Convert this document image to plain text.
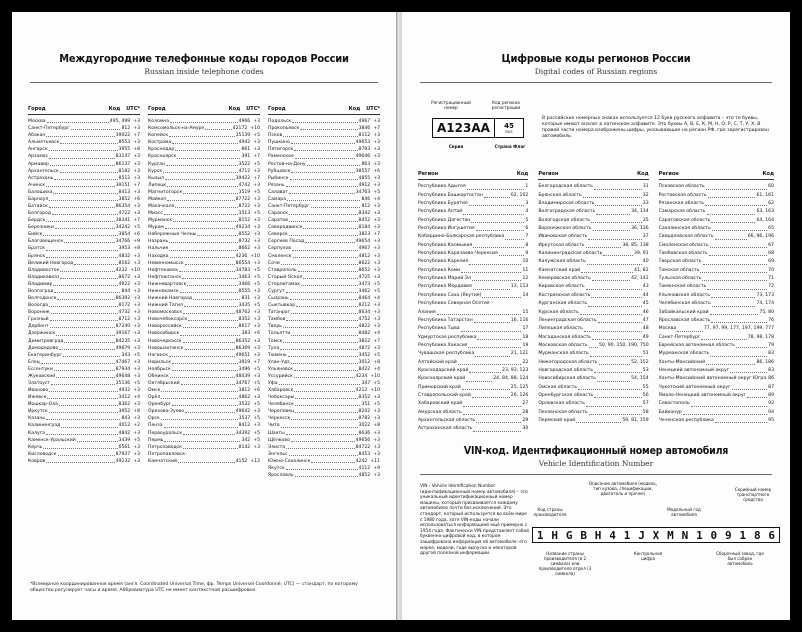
Междугородние телефонные коды городов России
Russian inside telephone codes
Город	Код UTC*
Москва	495, 499 +3
Санкт-Петербург	812 +3
Абакан	39022 +7
Альметьевск	8553 +3
Ангарск	3955 +8
Арзамас	83147 +3
Армавир	86137 +3
Архангельск	8182 +3
Астрахань	8512 +3
Ачинск	39151 +7
Балашиха	8413 +3
Барнаул	3852 +6
Батайск	86354 +3
Белгород	4722 +3
Бердск	38341 +7
Березники	34242 +5
Бийск	3854 +6
Благовещенск	34766 +9
Братск	3953 +8
Брянск	4832 +3
Великий Новгород	8162 +3
Владивосток	4232 +10
Владикавказ	8672 +3
Владимир	4922 +3
Волгоград	844 +3
Волгодонск	86392 +3
Вологда	8172 +3
Воронеж	4732 +3
Грозный	8712 +3
Дербент	87240 +3
Дзержинск	39167 +3
Димитровград	84235 +3
Домодедово	49679 +3
Екатеринбург	343 +5
Елец	47467 +3
Ессентуки	87934 +3
Жуковский	49648 +3
Златоуст	35136 +5
Иваново	4932 +3
Ижевск	3412 +4
Йошкар-Ола	8362 +3
Иркутск	3952 +8
Казань	843 +3
Калининград	4012 +2
Калуга	4842 +3
Каменск-Уральский	3439 +5
Керчь	6561 +3
Кисловодск	87937 +3
Ковров	49232 +3
Город	Код UTC*
Коломна	4966 +3
Комсомольск-на-Амуре	42172 +10
Копейск	35139 +5
Кострома	4942 +3
Краснодар	861 +3
Красноярск	391 +7
Курган	3522 +5
Курск	4712 +3
Кызыл	39422 +7
Липецк	4742 +3
Магнитогорск	3519 +5
Майкоп	87722 +3
Махачкала	8722 +3
Миасс	3513 +5
Мурманск	8152 +3
Муром	49234 +3
Набережные Челны	8552 +3
Назрань	8732 +3
Нальчик	8662 +3
Находка	4236 +10
Невинномысск	86554 +3
Нефтекамск	34783 +5
Нефтеюганск	3463 +5
Нижневартовск	3466 +5
Нижнекамск	8555 +3
Нижний Новгород	831 +3
Нижний Тагил	3435 +5
Новомосковск	48762 +3
Новочебоксарск	8352 +3
Новороссийск	8617 +3
Новосибирск	383 +6
Новочеркасск	86352 +3
Новошахтинск	86369 +3
Ногинск	49651 +3
Норильск	3919 +7
Ноябрьск	3496 +5
Обнинск	48439 +3
Октябрьский	34767 +5
Омск	3812 +6
Орёл	4862 +3
Оренбург	3532 +5
Орехово-Зуево	49642 +3
Орск	3537 +5
Пенза	8412 +3
Первоуральск	34392 +5
Пермь	342 +5
Петрозаводск	8142 +3
Петропавловск-
Камчатский	4152 +12
Город	Код UTC*
Подольск	4967 +3
Прокопьевск	3846 +7
Псков	8112 +3
Пушкино	49653 +3
Пятигорск	8793 +3
Раменское	49646 +3
Ростов-на-Дону	863 +3
Рубцовск	38557 +6
Рыбинск	4855 +3
Рязань	4912 +3
Салават	34763 +5
Самара	846 +4
Санкт-Петербург	812 +3
Саранск	8342 +3
Саратов	8452 +3
Северодвинск	8184 +3
Северск	3823 +7
Сергиев Посад	49654 +3
Серпухов	4967 +3
Смоленск	4812 +3
Сочи	8622 +3
Ставрополь	8652 +3
Старый Оскол	4725 +3
Стерлитамак	3473 +5
Сургут	3462 +5
Сызрань	8464 +4
Сыктывкар	8212 +3
Таганрог	8634 +3
Тамбов	4752 +3
Тверь	4822 +3
Тольятти	8482 +4
Томск	3822 +7
Тула	4872 +3
Тюмень	3452 +5
Улан-Удэ	3012 +8
Ульяновск	8422 +4
Уссурийск	4234 +10
Уфа	347 +5
Хабаровск	4212 +10
Чебоксары	8352 +3
Челябинск	351 +5
Череповец	8202 +3
Черкесск	8782 +3
Чита	3022 +8
Шахты	8636 +3
Щёлково	49656 +3
Элиста	84722 +3
Энгельс	8453 +3
Южно-Сахалинск	4242 +11
Якутск	4112 +9
Ярославль	4852 +3
*Всемирное координированное время (англ. Coordinated Universal Time, фр. Temps Universel Coordonné; UTC) — стандарт, по которому общество регулирует часы и время. Аббревиатура UTC не имеет контекстной расшифровки.
Цифровые коды регионов России
Digital codes of Russian regions
Регистрационный номер
Код региона регистрации
А123АА	45
RUS
Серия	Страна Флаг
В российских номерных знаках используется 12 букв русского алфавита – это те буквы, которые имеют аналог в латинском алфавите. Это буквы А, В, Е, К, М, Н, О, Р, С, Т, У, Х. В правой части номера изображены цифры, указывающие на регион РФ, где зарегистрирован автомобиль.
Регион	Код
Республика Адыгея	1
Республика Башкортостан	02, 102
Республика Бурятия	3
Республика Алтай	4
Республика Дагестан	5
Республика Ингушетия	6
Кабардино-Балкарская республика	7
Республика Калмыкия	8
Республика Карачаево-Черкесия	9
Республика Карелия	10
Республика Коми	11
Республика Марий Эл	12
Республика Мордовия	13, 113
Республика Саха (Якутия)	14
Республика Северная Осетия –
Алания	15
Республика Татарстан	16, 116
Республика Тыва	17
Удмуртская республика	18
Республика Хакасия	19
Чувашская республика	21, 121
Алтайский край	22
Краснодарский край	23, 93, 123
Красноярский край	24, 84, 88, 124
Приморский край	25, 125
Ставропольский край	26, 126
Хабаровский край	27
Амурская область	28
Архангельская область	29
Астраханская область	30
Регион	Код
Белгородская область	31
Брянская область	32
Владимирская область	33
Волгоградская область	34, 134
Вологодская область	35
Воронежская область	36, 136
Ивановская область	37
Иркутская область	38, 85, 138
Калининградская область	39, 91
Калужская область	40
Камчатский край	41, 82
Кемеровская область	42, 142
Кировская область	43
Костромская область	44
Курганская область	45
Курская область	46
Ленинградская область	47
Липецкая область	48
Магаданская область	49
Московская область 50, 90, 150, 190, 750
Мурманская область	51
Нижегородская область	52, 152
Новгородская область	53
Новосибирская область	54, 154
Омская область	55
Оренбургская область	56
Орловская область	57
Пензенская область	58
Пермский край	59, 81, 159
Регион	Код
Псковская область	60
Ростовская область	61, 161
Рязанская область	62
Самарская область	63, 163
Саратовская область	64, 164
Сахалинская область	65
Свердловская область	66, 96, 196
Смоленская область	67
Тамбовская область	68
Тверская область	69
Томская область	70
Тульская область	71
Тюменская область	72
Ульяновская область	73, 173
Челябинская область	74, 174
Забайкальский край	75, 80
Ярославская область	76
Москва	77, 97, 99, 177, 197, 199, 777
Санкт-Петербург	78, 98, 178
Еврейская автономная область	79
Мурманская область	83
Ханты-Мансийский	86, 186
Ненецкий автономный округ	83
Ханты-Мансийский автономный округ Югра 86
Чукотский автономный округ	87
Ямало-Ненецкий автономный округ	89
Севастополь	92
Байконур	94
Чеченская республика	95
VIN-код. Идентификационный номер автомобиля
Vehicle Identification Number
VIN - Vehicle Identification Number (идентификационный номер автомобиля) – это уникальный идентификационный номер машины, который присваивается каждому автомобилю почти без исключений. Это стандарт, который используется во всём мире с 1980 года, хотя VIN-коды начали использоваться информацией ещё примерно с 1954 года. Фактически VIN представляет собой буквенно-цифровой код, в котором зашифрована информация об автомобиле: его марке, модели, годе выпуска и некоторой другой полезной информации.
Код страны производителя
Описание автомобиля (модель, тип кузова, спецификации, двигатель и прочее)
Модельный год автомобиля
Серийный номер транспортного средства
1 H G B H 4 1 J X M N 1 0 9 1 8 6
Название страны производителя (в 2 символа) или производителя отдел (3 символа)
Контрольная цифра
Сборочный завод, где был собран автомобиль
